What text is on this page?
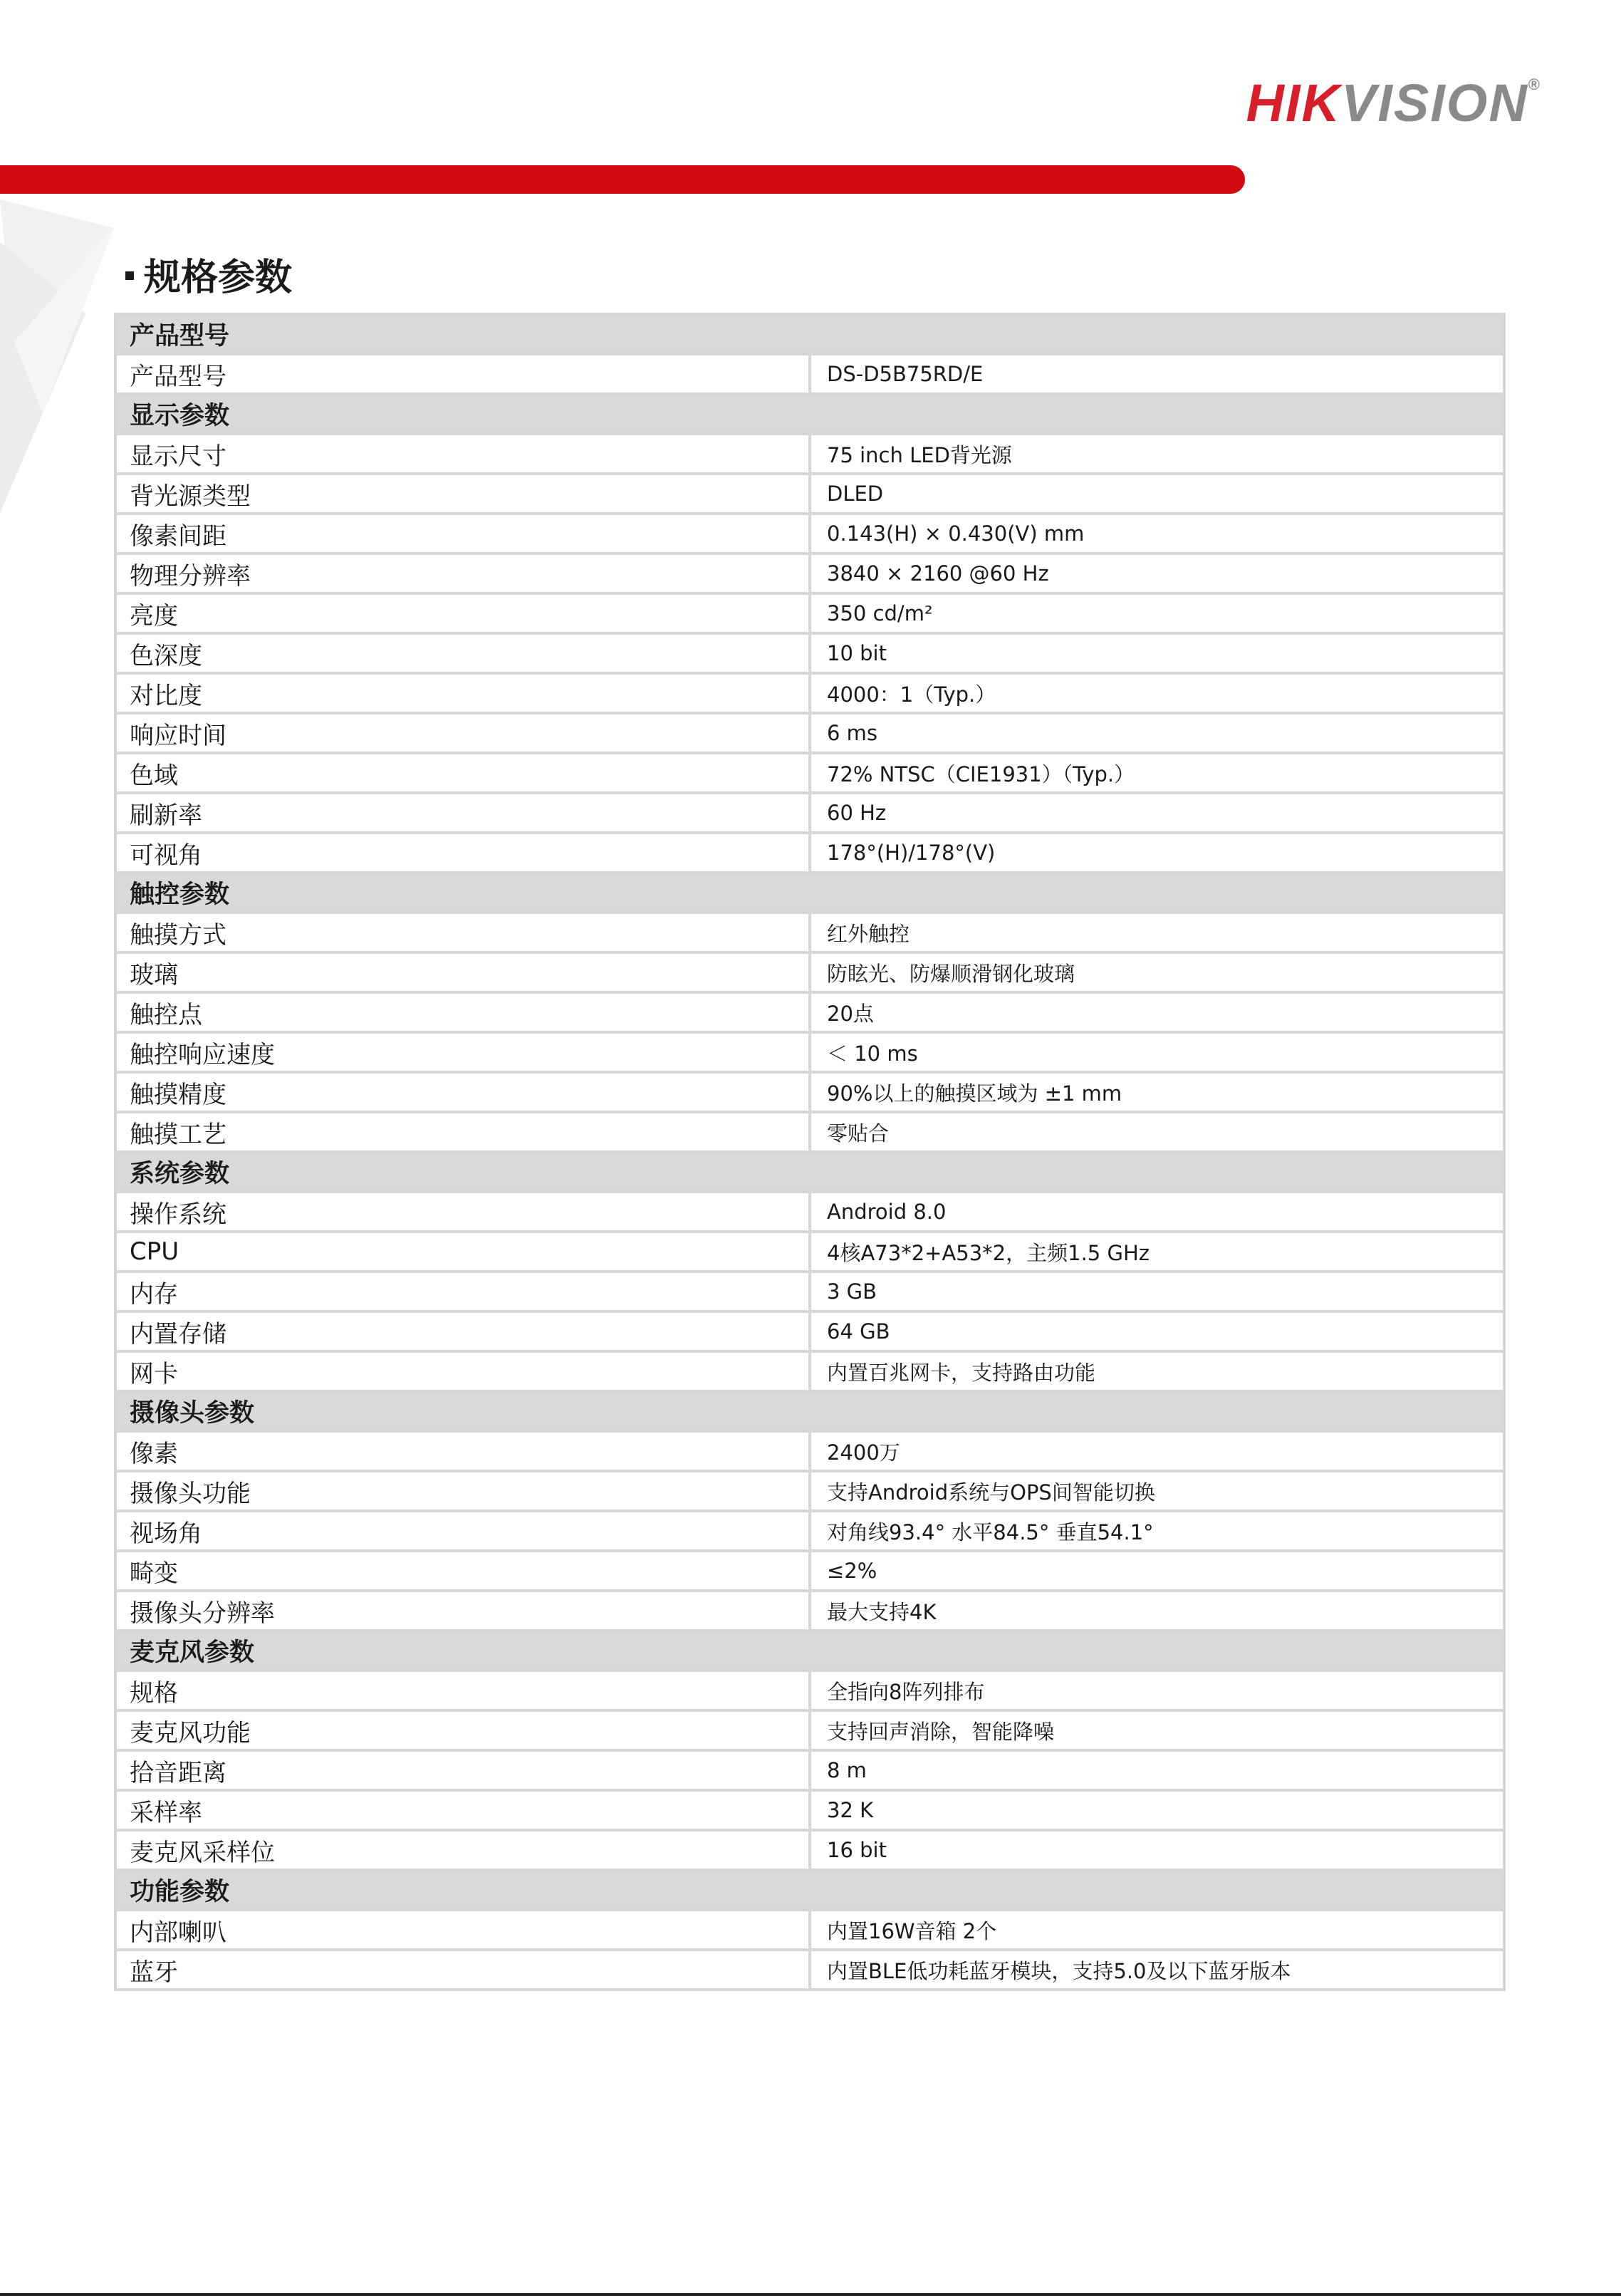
HIKVISION®
规格参数
产品型号	
产品型号	DS-D5B75RD/E
显示参数	
显示尺寸	75 inch LED背光源
背光源类型	DLED
像素间距	0.143(H) × 0.430(V) mm
物理分辨率	3840 × 2160 @60 Hz
亮度	350 cd/m²
色深度	10 bit
对比度	4000：1（Typ.）
响应时间	6 ms
色域	72% NTSC（CIE1931）（Typ.）
刷新率	60 Hz
可视角	178°(H)/178°(V)
触控参数	
触摸方式	红外触控
玻璃	防眩光、防爆顺滑钢化玻璃
触控点	20点
触控响应速度	＜ 10 ms
触摸精度	90%以上的触摸区域为 ±1 mm
触摸工艺	零贴合
系统参数	
操作系统	Android 8.0
CPU	4核A73*2+A53*2，主频1.5 GHz
内存	3 GB
内置存储	64 GB
网卡	内置百兆网卡，支持路由功能
摄像头参数	
像素	2400万
摄像头功能	支持Android系统与OPS间智能切换
视场角	对角线93.4° 水平84.5° 垂直54.1°
畸变	≤2%
摄像头分辨率	最大支持4K
麦克风参数	
规格	全指向8阵列排布
麦克风功能	支持回声消除，智能降噪
拾音距离	8 m
采样率	32 K
麦克风采样位	16 bit
功能参数	
内部喇叭	内置16W音箱 2个
蓝牙	内置BLE低功耗蓝牙模块，支持5.0及以下蓝牙版本
